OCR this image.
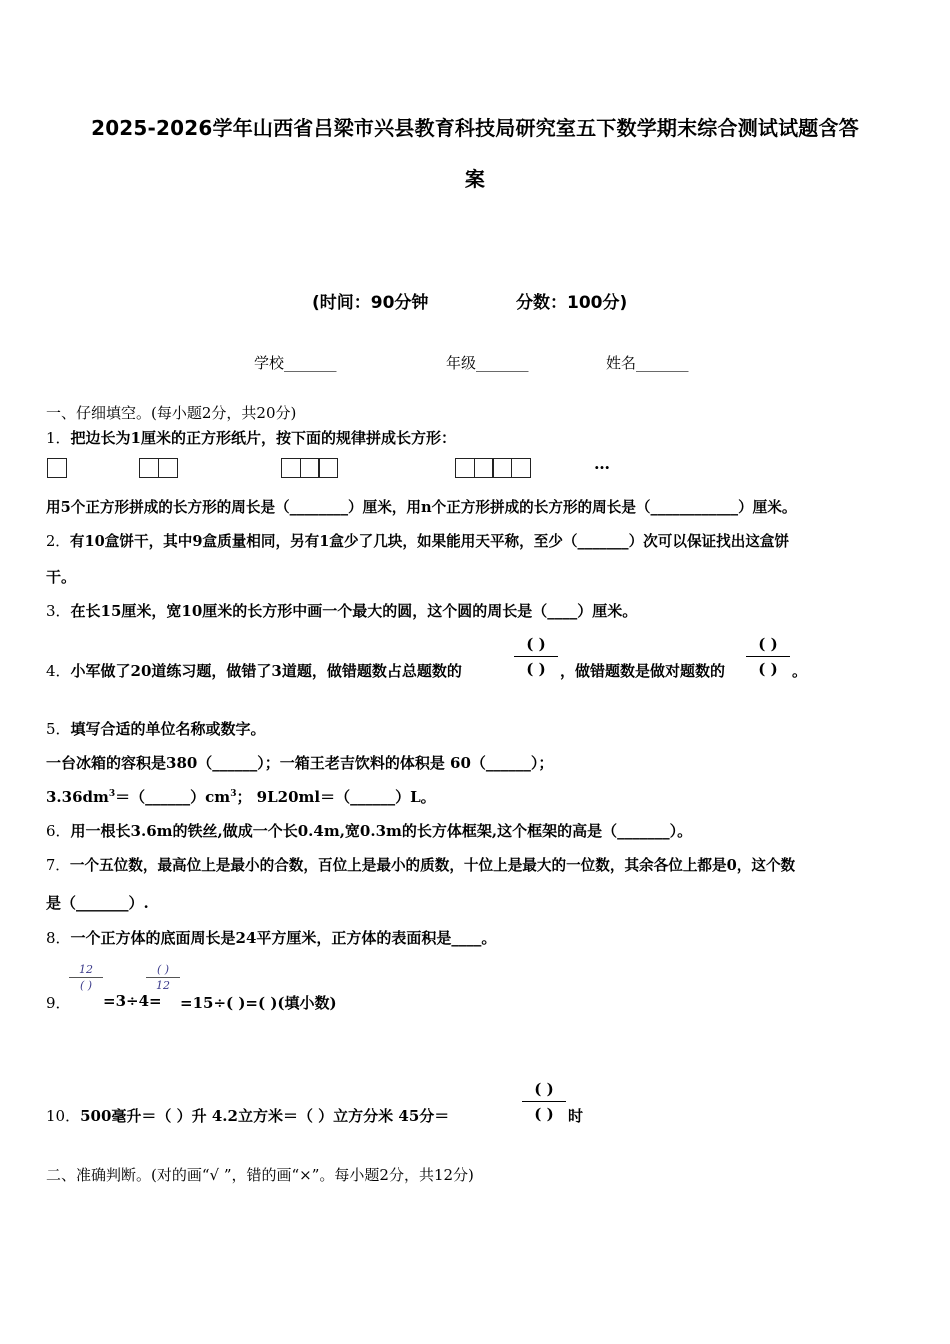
2025-2026学年山西省吕梁市兴县教育科技局研究室五下数学期末综合测试试题含答
案
(时间：90分钟	分数：100分)
学校_______	年级_______	姓名_______
一、仔细填空。(每小题2分，共20分)
1．把边长为1厘米的正方形纸片，按下面的规律拼成长方形：
…
用5个正方形拼成的长方形的周长是（________）厘米，用n个正方形拼成的长方形的周长是（____________）厘米。
2．有10盒饼干，其中9盒质量相同，另有1盒少了几块，如果能用天平称，至少（_______）次可以保证找出这盒饼
干。
3．在长15厘米，宽10厘米的长方形中画一个最大的圆，这个圆的周长是（____）厘米。
4．小军做了20道练习题，做错了3道题，做错题数占总题数的
( )
( ) ，做错题数是做对题数的
( )
( ) 。
5．填写合适的单位名称或数字。
一台冰箱的容积是380（______）；一箱王老吉饮料的体积是 60（______）；
$3.36dm^3=(\_\_\_\_\_\_)cm^3$； 9L20ml＝（______）L。
6．用一根长3.6m的铁丝,做成一个长0.4m,宽0.3m的长方体框架,这个框架的高是（_______）。
7．一个五位数，最高位上是最小的合数，百位上是最小的质数，十位上是最大的一位数，其余各位上都是0，这个数
是（_______）.
8．一个正方体的底面周长是24平方厘米，正方体的表面积是____。
9．
12
( )
=3÷4=
( )
12
=15÷( )=( )(填小数)
10．500毫升＝（ ）升 4.2立方米＝（ ）立方分米 45分＝
( )
( ) 时
二、准确判断。(对的画“√ ”，错的画“×”。每小题2分，共12分)
